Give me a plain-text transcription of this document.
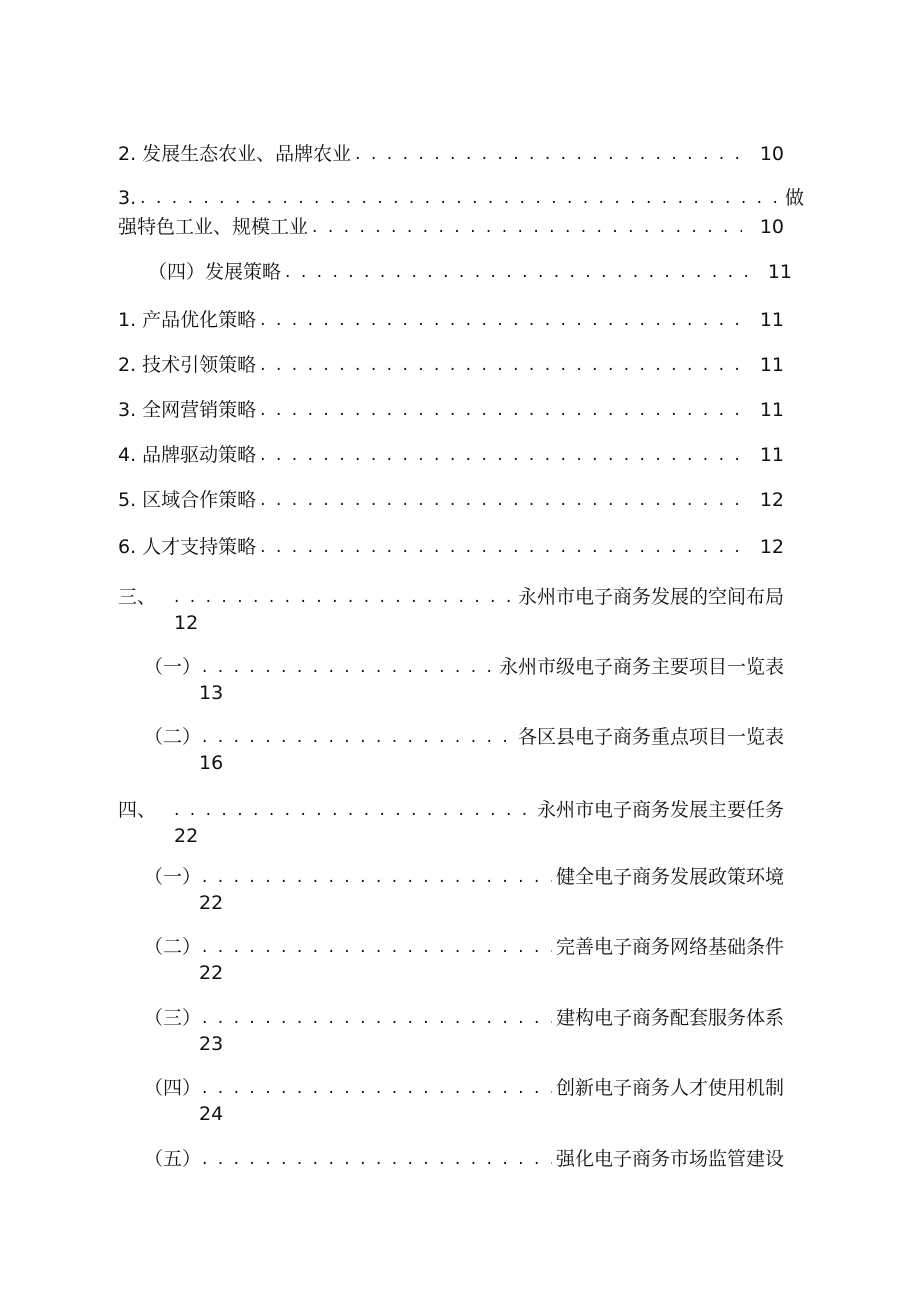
2. 发展生态农业、品牌农业 . . .	10
3. . . .	做
强特色工业、规模工业 . . .	10
（四）发展策略 . . .	11
1. 产品优化策略 . . .	11
2. 技术引领策略 . . .	11
3. 全网营销策略 . . .	11
4. 品牌驱动策略 . . .	11
5. 区域合作策略 . . .	12
6. 人才支持策略 . . .	12
三、 . . .	永州市电子商务发展的空间布局
12
（一） . . .	永州市级电子商务主要项目一览表
13
（二） . . .	各区县电子商务重点项目一览表
16
四、 . . .	永州市电子商务发展主要任务
22
（一） . . .	健全电子商务发展政策环境
22
（二） . . .	完善电子商务网络基础条件
22
（三） . . .	建构电子商务配套服务体系
23
（四） . . .	创新电子商务人才使用机制
24
（五） . . .	强化电子商务市场监管建设
